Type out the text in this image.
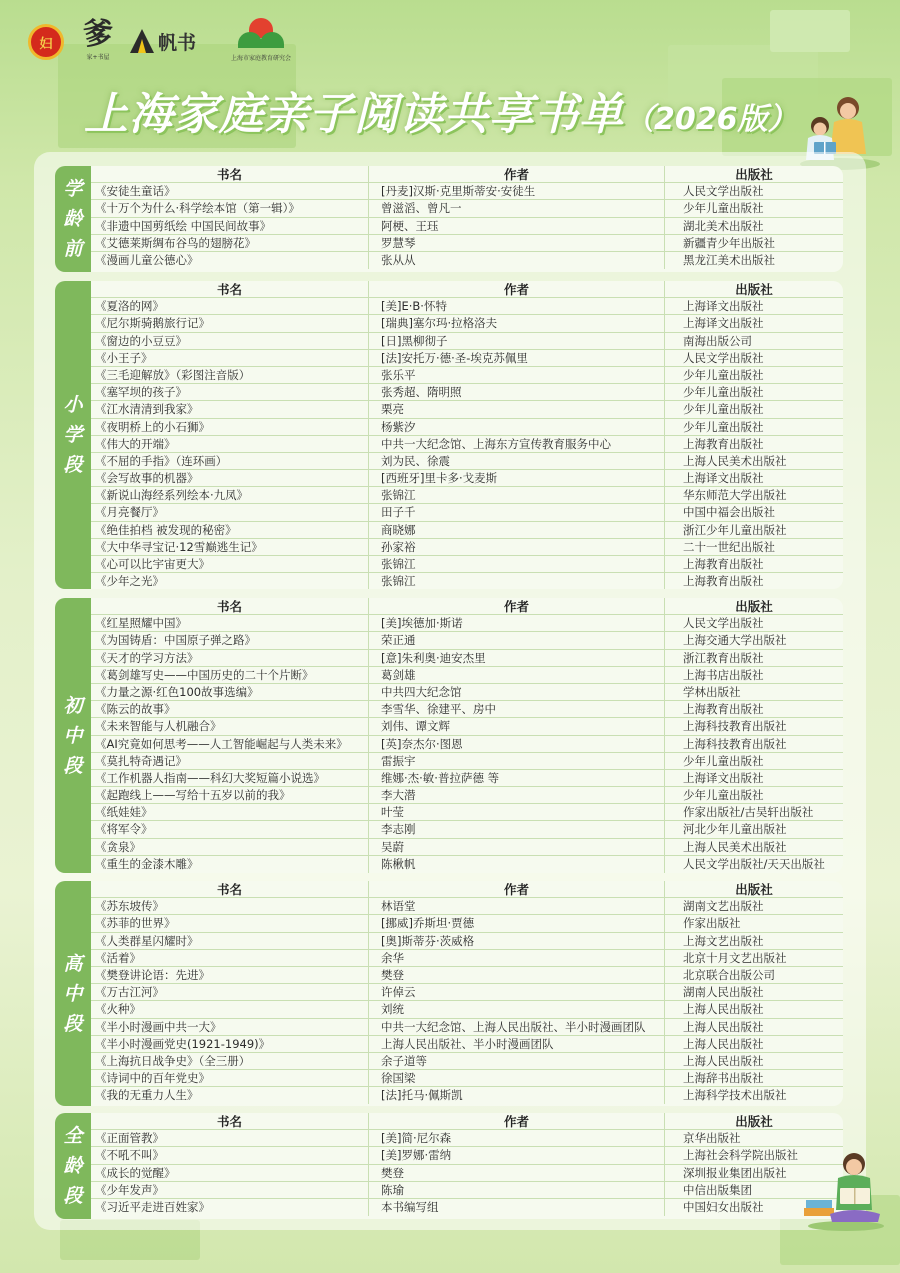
妇 爹
家+书屋
帆书
上海市家庭教育研究会
上海家庭亲子阅读共享书单（2026版）
学
龄
前
书名	作者	出版社
《安徒生童话》	[丹麦]汉斯·克里斯蒂安·安徒生	人民文学出版社
《十万个为什么·科学绘本馆（第一辑）》	曾滋滔、曾凡一	少年儿童出版社
《非遗中国剪纸绘 中国民间故事》	阿梗、王珏	湖北美术出版社
《艾德莱斯绸布谷鸟的翅膀花》	罗慧琴	新疆青少年出版社
《漫画儿童公德心》	张从从	黑龙江美术出版社
小
学
段
书名	作者	出版社
《夏洛的网》	[美]E·B·怀特	上海译文出版社
《尼尔斯骑鹅旅行记》	[瑞典]塞尔玛·拉格洛夫	上海译文出版社
《窗边的小豆豆》	[日]黑柳彻子	南海出版公司
《小王子》	[法]安托万·德·圣-埃克苏佩里	人民文学出版社
《三毛迎解放》（彩图注音版）	张乐平	少年儿童出版社
《塞罕坝的孩子》	张秀超、隋明照	少年儿童出版社
《江水清清到我家》	栗亮	少年儿童出版社
《夜明桥上的小石狮》	杨紫汐	少年儿童出版社
《伟大的开端》	中共一大纪念馆、上海东方宣传教育服务中心	上海教育出版社
《不屈的手指》（连环画）	刘为民、徐震	上海人民美术出版社
《会写故事的机器》	[西班牙]里卡多·戈麦斯	上海译文出版社
《新说山海经系列绘本·九凤》	张锦江	华东师范大学出版社
《月亮餐厅》	田子千	中国中福会出版社
《绝佳拍档 被发现的秘密》	商晓娜	浙江少年儿童出版社
《大中华寻宝记·12雪巅逃生记》	孙家裕	二十一世纪出版社
《心可以比宇宙更大》	张锦江	上海教育出版社
《少年之光》	张锦江	上海教育出版社
初
中
段
书名	作者	出版社
《红星照耀中国》	[美]埃德加·斯诺	人民文学出版社
《为国铸盾：中国原子弹之路》	荣正通	上海交通大学出版社
《天才的学习方法》	[意]朱利奥·迪安杰里	浙江教育出版社
《葛剑雄写史——中国历史的二十个片断》	葛剑雄	上海书店出版社
《力量之源·红色100故事选编》	中共四大纪念馆	学林出版社
《陈云的故事》	李雪华、徐建平、房中	上海教育出版社
《未来智能与人机融合》	刘伟、谭文辉	上海科技教育出版社
《AI究竟如何思考——人工智能崛起与人类未来》	[英]奈杰尔·图恩	上海科技教育出版社
《莫扎特奇遇记》	雷振宇	少年儿童出版社
《工作机器人指南——科幻大奖短篇小说选》	维娜·杰·敏·普拉萨德 等	上海译文出版社
《起跑线上——写给十五岁以前的我》	李大潜	少年儿童出版社
《纸娃娃》	叶莹	作家出版社/古吴轩出版社
《将军令》	李志刚	河北少年儿童出版社
《贪泉》	吴蔚	上海人民美术出版社
《重生的金漆木雕》	陈楸帆	人民文学出版社/天天出版社
高
中
段
书名	作者	出版社
《苏东坡传》	林语堂	湖南文艺出版社
《苏菲的世界》	[挪威]乔斯坦·贾德	作家出版社
《人类群星闪耀时》	[奥]斯蒂芬·茨威格	上海文艺出版社
《活着》	余华	北京十月文艺出版社
《樊登讲论语：先进》	樊登	北京联合出版公司
《万古江河》	许倬云	湖南人民出版社
《火种》	刘统	上海人民出版社
《半小时漫画中共一大》	中共一大纪念馆、上海人民出版社、半小时漫画团队	上海人民出版社
《半小时漫画党史(1921-1949)》	上海人民出版社、半小时漫画团队	上海人民出版社
《上海抗日战争史》（全三册）	余子道等	上海人民出版社
《诗词中的百年党史》	徐国梁	上海辞书出版社
《我的无重力人生》	[法]托马·佩斯凯	上海科学技术出版社
全
龄
段
书名	作者	出版社
《正面管教》	[美]简·尼尔森	京华出版社
《不吼不叫》	[美]罗娜·雷纳	上海社会科学院出版社
《成长的觉醒》	樊登	深圳报业集团出版社
《少年发声》	陈瑜	中信出版集团
《习近平走进百姓家》	本书编写组	中国妇女出版社
